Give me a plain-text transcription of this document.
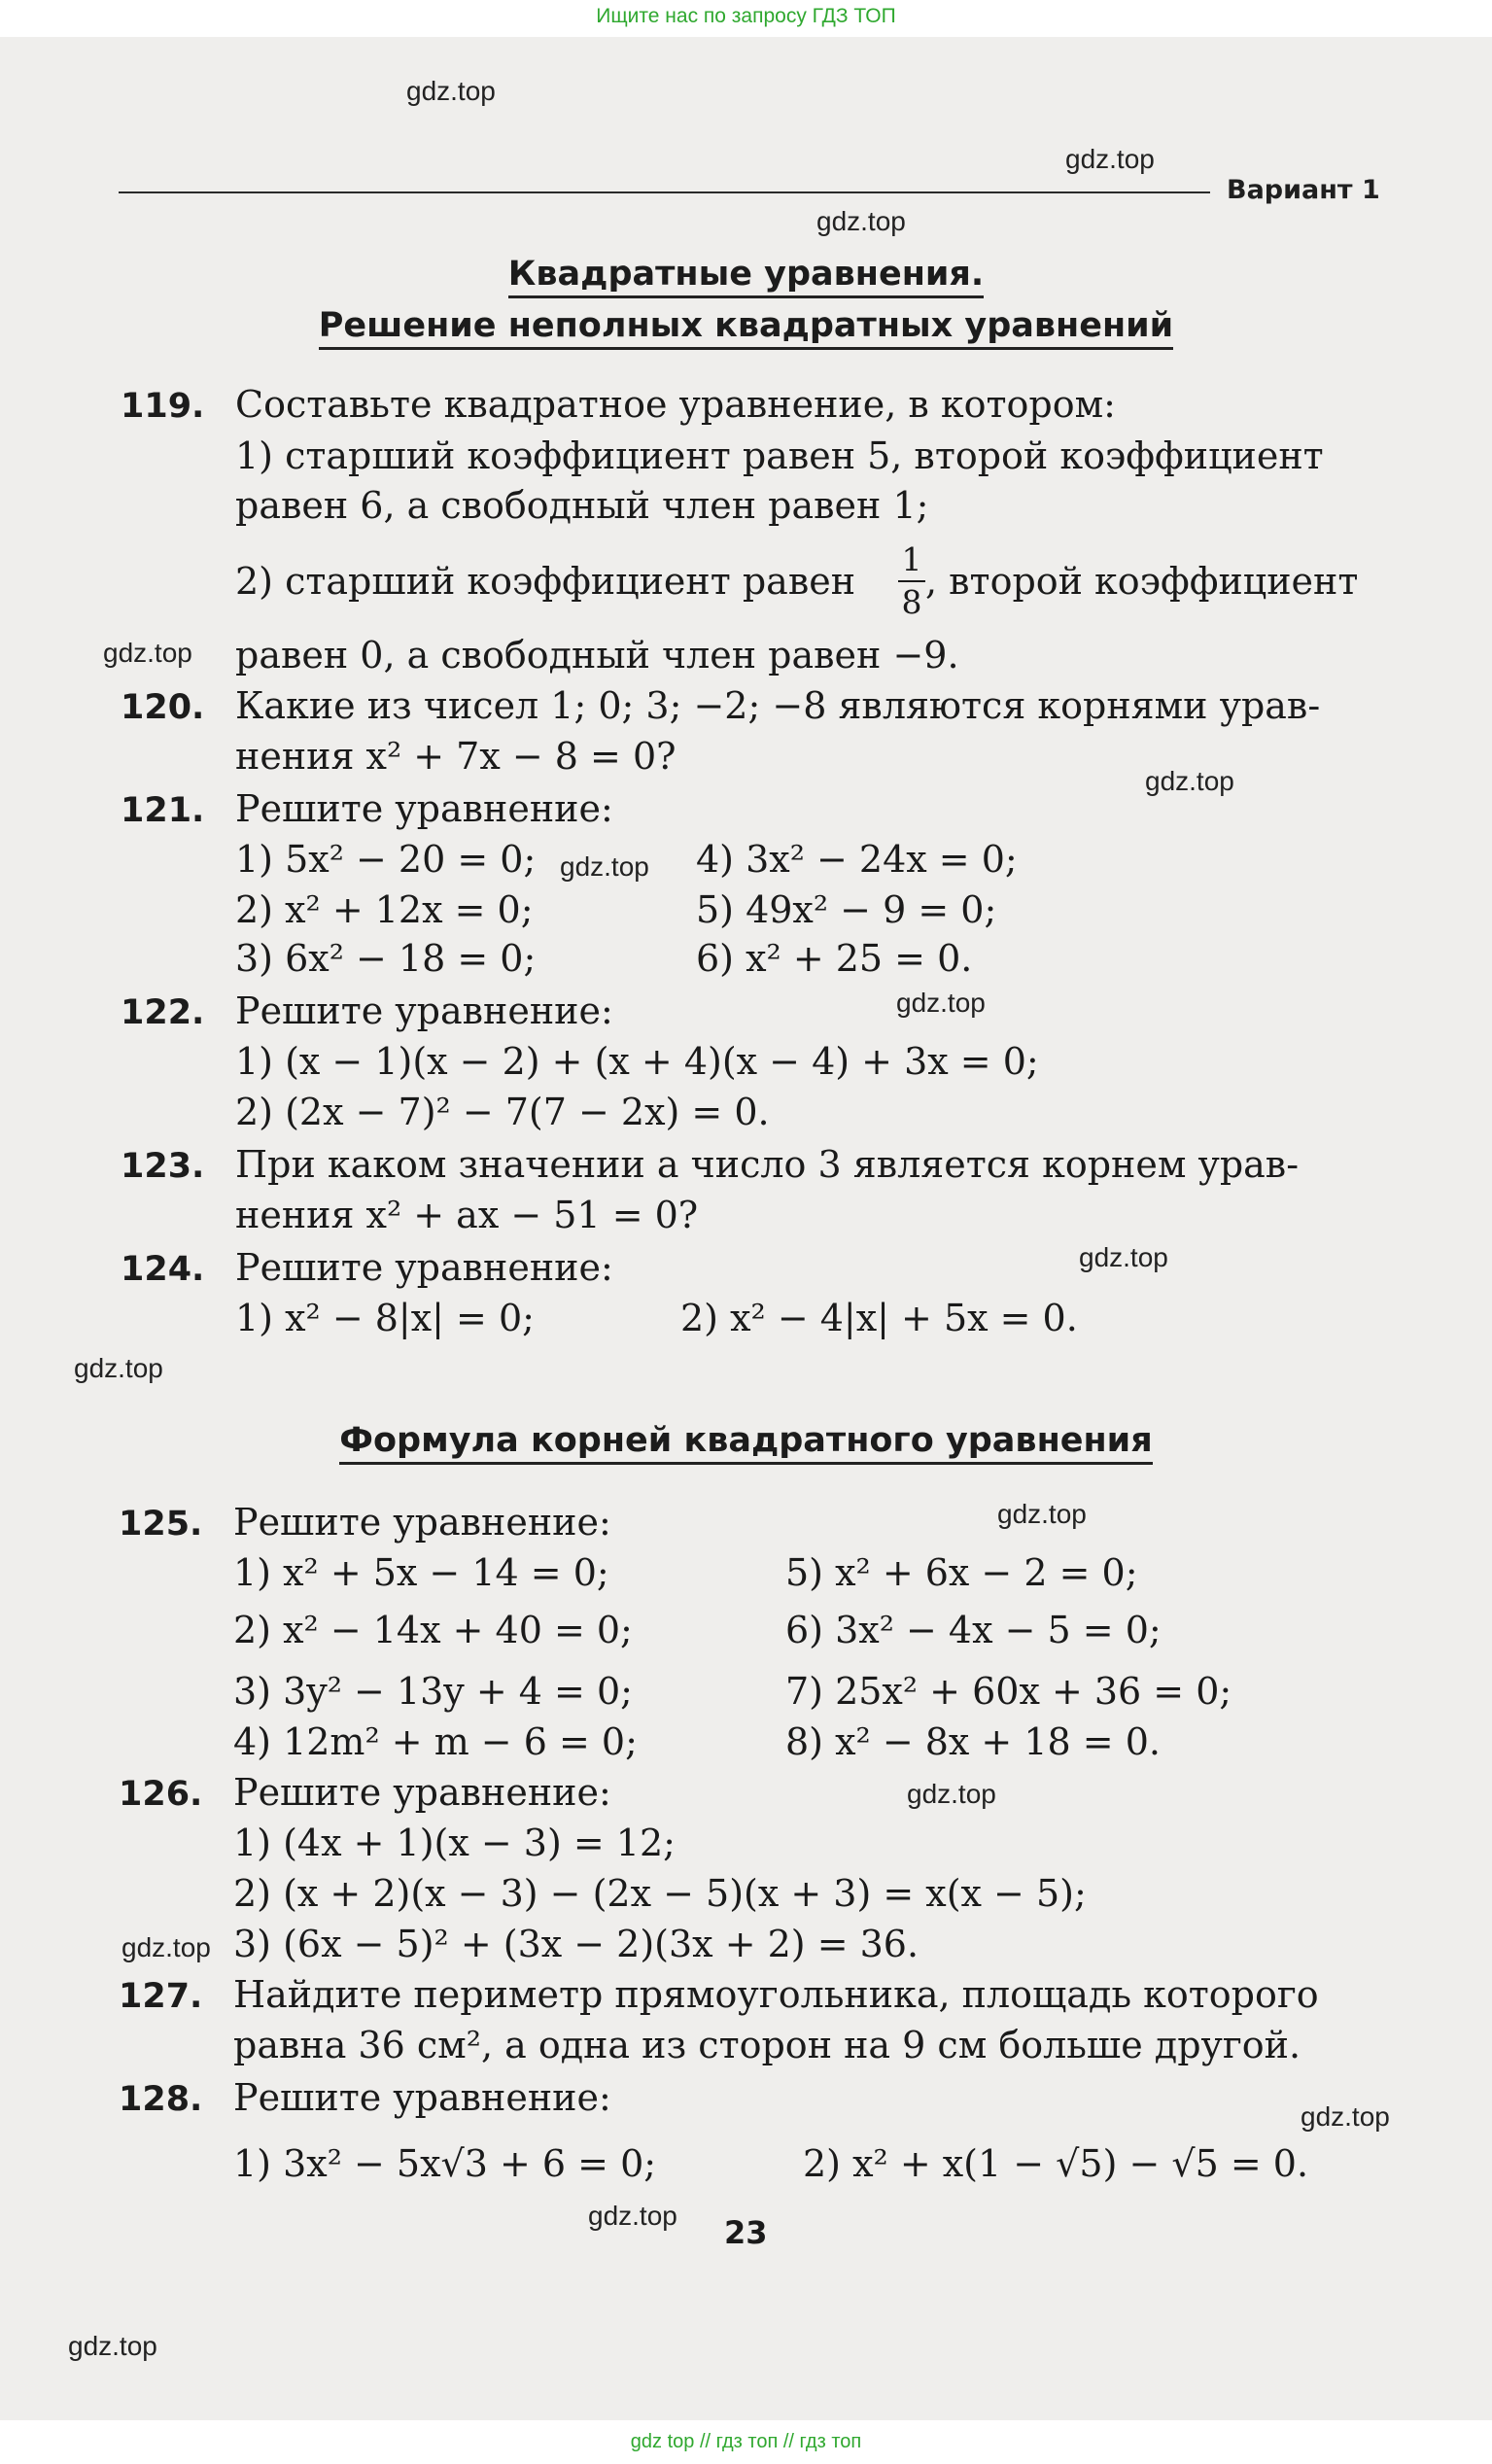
Ищите нас по запросу ГДЗ ТОП
Вариант 1
gdz.top
gdz.top
gdz.top
gdz.top
gdz.top
gdz.top
gdz.top
gdz.top
gdz.top
gdz.top
gdz.top
gdz.top
gdz.top
gdz.top
gdz.top
Квадратные уравнения.
Решение неполных квадратных уравнений
119. Составьте квадратное уравнение, в котором:
1) старший коэффициент равен 5, второй коэффициент
равен 6, а свободный член равен 1;
2) старший коэффициент равен
1
8 , второй коэффициент
равен 0, а свободный член равен −9.
120. Какие из чисел 1; 0; 3; −2; −8 являются корнями урав-
нения x² + 7x − 8 = 0?
121. Решите уравнение:
1) 5x² − 20 = 0;
2) x² + 12x = 0;
3) 6x² − 18 = 0;
4) 3x² − 24x = 0;
5) 49x² − 9 = 0;
6) x² + 25 = 0.
122. Решите уравнение:
1) (x − 1)(x − 2) + (x + 4)(x − 4) + 3x = 0;
2) (2x − 7)² − 7(7 − 2x) = 0.
123. При каком значении a число 3 является корнем урав-
нения x² + ax − 51 = 0?
124. Решите уравнение:
1) x² − 8|x| = 0;	2) x² − 4|x| + 5x = 0.
Формула корней квадратного уравнения
125. Решите уравнение:
1) x² + 5x − 14 = 0;
2) x² − 14x + 40 = 0;
3) 3y² − 13y + 4 = 0;
4) 12m² + m − 6 = 0;
5) x² + 6x − 2 = 0;
6) 3x² − 4x − 5 = 0;
7) 25x² + 60x + 36 = 0;
8) x² − 8x + 18 = 0.
126. Решите уравнение:
1) (4x + 1)(x − 3) = 12;
2) (x + 2)(x − 3) − (2x − 5)(x + 3) = x(x − 5);
3) (6x − 5)² + (3x − 2)(3x + 2) = 36.
127. Найдите периметр прямоугольника, площадь которого
равна 36 см², а одна из сторон на 9 см больше другой.
128. Решите уравнение:
1) 3x² − 5x√3 + 6 = 0;	2) x² + x(1 − √5) − √5 = 0.
23
gdz top // гдз топ // гдз топ
